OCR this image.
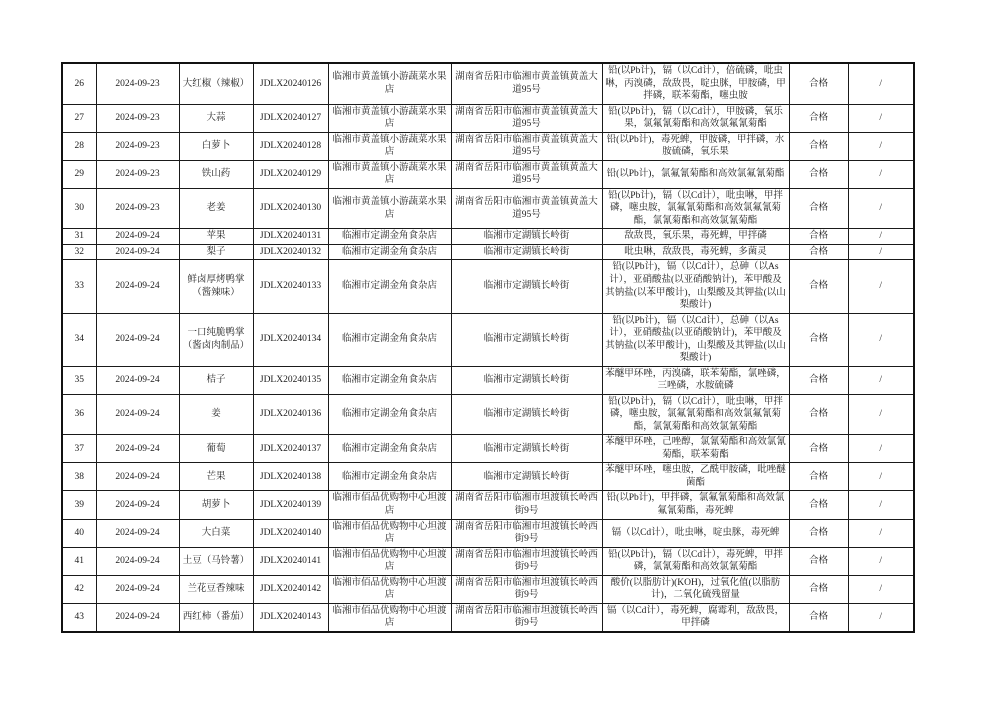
26	2024-09-23	大红椒（辣椒）	JDLX20240126	临湘市黄盖镇小游蔬菜水果店	湖南省岳阳市临湘市黄盖镇黄盖大道95号	铅(以Pb计)，镉（以Cd计），倍硫磷，吡虫啉，丙溴磷，敌敌畏，啶虫脒，甲胺磷，甲拌磷，联苯菊酯，噻虫胺	合格	/
27	2024-09-23	大蒜	JDLX20240127	临湘市黄盖镇小游蔬菜水果店	湖南省岳阳市临湘市黄盖镇黄盖大道95号	铅(以Pb计)，镉（以Cd计），甲胺磷，氧乐果，氯氟氰菊酯和高效氯氟氰菊酯	合格	/
28	2024-09-23	白萝卜	JDLX20240128	临湘市黄盖镇小游蔬菜水果店	湖南省岳阳市临湘市黄盖镇黄盖大道95号	铅(以Pb计)，毒死蜱，甲胺磷，甲拌磷，水胺硫磷，氧乐果	合格	/
29	2024-09-23	铁山药	JDLX20240129	临湘市黄盖镇小游蔬菜水果店	湖南省岳阳市临湘市黄盖镇黄盖大道95号	铅(以Pb计)，氯氟氰菊酯和高效氯氟氰菊酯	合格	/
30	2024-09-23	老姜	JDLX20240130	临湘市黄盖镇小游蔬菜水果店	湖南省岳阳市临湘市黄盖镇黄盖大道95号	铅(以Pb计)，镉（以Cd计），吡虫啉，甲拌磷，噻虫胺，氯氟氰菊酯和高效氯氟氰菊酯，氯氰菊酯和高效氯氰菊酯	合格	/
31	2024-09-24	苹果	JDLX20240131	临湘市定湖金角食杂店	临湘市定湖镇长岭街	敌敌畏，氧乐果，毒死蜱，甲拌磷	合格	/
32	2024-09-24	梨子	JDLX20240132	临湘市定湖金角食杂店	临湘市定湖镇长岭街	吡虫啉，敌敌畏，毒死蜱，多菌灵	合格	/
33	2024-09-24	鲜卤厚烤鸭掌（酱辣味）	JDLX20240133	临湘市定湖金角食杂店	临湘市定湖镇长岭街	铅(以Pb计)，镉（以Cd计），总砷（以As计），亚硝酸盐(以亚硝酸钠计)，苯甲酸及其钠盐(以苯甲酸计)，山梨酸及其钾盐(以山梨酸计)	合格	/
34	2024-09-24	一口纯脆鸭掌（酱卤肉制品）	JDLX20240134	临湘市定湖金角食杂店	临湘市定湖镇长岭街	铅(以Pb计)，镉（以Cd计），总砷（以As计），亚硝酸盐(以亚硝酸钠计)，苯甲酸及其钠盐(以苯甲酸计)，山梨酸及其钾盐(以山梨酸计)	合格	/
35	2024-09-24	桔子	JDLX20240135	临湘市定湖金角食杂店	临湘市定湖镇长岭街	苯醚甲环唑，丙溴磷，联苯菊酯，氯唑磷，三唑磷，水胺硫磷	合格	/
36	2024-09-24	姜	JDLX20240136	临湘市定湖金角食杂店	临湘市定湖镇长岭街	铅(以Pb计)，镉（以Cd计），吡虫啉，甲拌磷，噻虫胺，氯氟氰菊酯和高效氯氟氰菊酯，氯氰菊酯和高效氯氰菊酯	合格	/
37	2024-09-24	葡萄	JDLX20240137	临湘市定湖金角食杂店	临湘市定湖镇长岭街	苯醚甲环唑，己唑醇，氯氰菊酯和高效氯氰菊酯，联苯菊酯	合格	/
38	2024-09-24	芒果	JDLX20240138	临湘市定湖金角食杂店	临湘市定湖镇长岭街	苯醚甲环唑，噻虫胺，乙酰甲胺磷，吡唑醚菌酯	合格	/
39	2024-09-24	胡萝卜	JDLX20240139	临湘市佰品优购物中心坦渡店	湖南省岳阳市临湘市坦渡镇长岭西街9号	铅(以Pb计)，甲拌磷，氯氟氰菊酯和高效氯氟氰菊酯，毒死蜱	合格	/
40	2024-09-24	大白菜	JDLX20240140	临湘市佰品优购物中心坦渡店	湖南省岳阳市临湘市坦渡镇长岭西街9号	镉（以Cd计），吡虫啉，啶虫脒，毒死蜱	合格	/
41	2024-09-24	土豆（马铃薯）	JDLX20240141	临湘市佰品优购物中心坦渡店	湖南省岳阳市临湘市坦渡镇长岭西街9号	铅(以Pb计)，镉（以Cd计），毒死蜱，甲拌磷，氯氰菊酯和高效氯氰菊酯	合格	/
42	2024-09-24	兰花豆香辣味	JDLX20240142	临湘市佰品优购物中心坦渡店	湖南省岳阳市临湘市坦渡镇长岭西街9号	酸价(以脂肪计)(KOH)，过氧化值(以脂肪计)，二氧化硫残留量	合格	/
43	2024-09-24	西红柿（番茄）	JDLX20240143	临湘市佰品优购物中心坦渡店	湖南省岳阳市临湘市坦渡镇长岭西街9号	镉（以Cd计），毒死蜱，腐霉利，敌敌畏，甲拌磷	合格	/
